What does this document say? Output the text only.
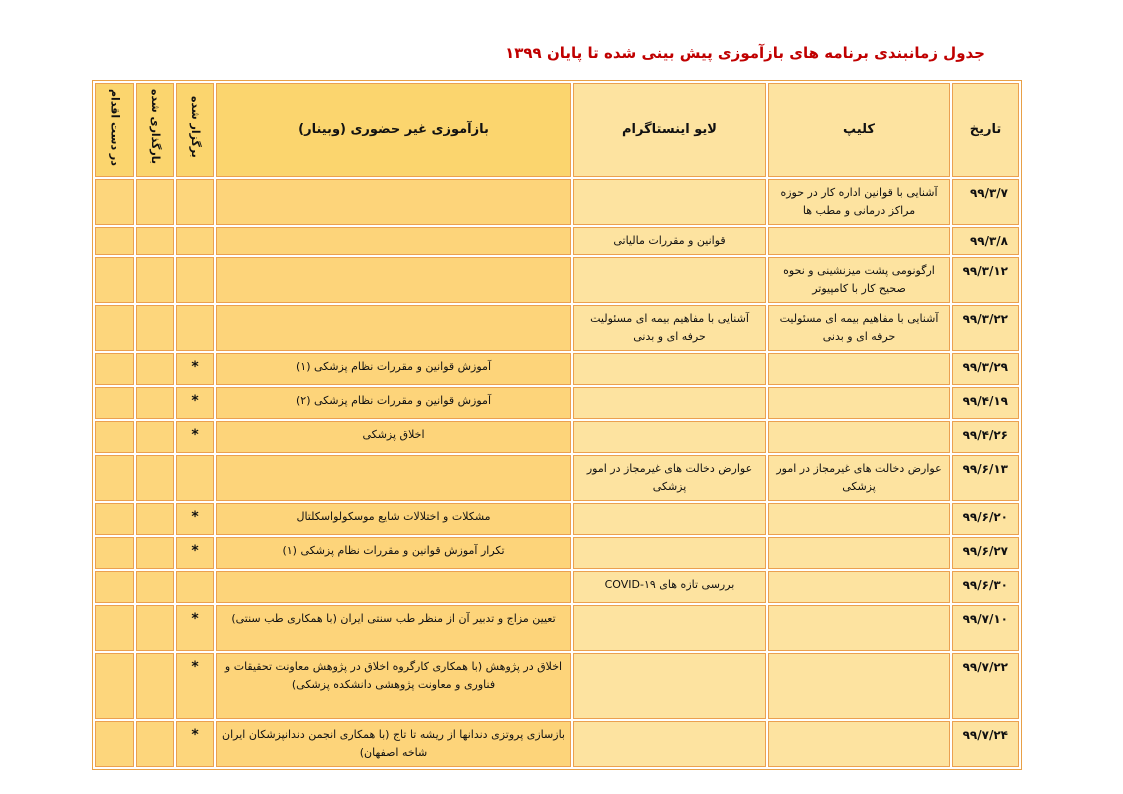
جدول زمانبندی برنامه های بازآموزی پیش بینی شده تا پایان ۱۳۹۹
تاریخ	کلیپ	لایو اینستاگرام	بازآموزی غیر حضوری (وبینار)	برگزار شده	بارگذاری شده	در دست اقدام
۹۹/۳/۷	آشنایی با قوانین اداره کار در حوزه مراکز درمانی و مطب ها					
۹۹/۳/۸		قوانین و مقررات مالیاتی				
۹۹/۳/۱۲	ارگونومی پشت میزنشینی و نحوه صحیح کار با کامپیوتر					
۹۹/۳/۲۲	آشنایی با مفاهیم بیمه ای مسئولیت حرفه ای و بدنی	آشنایی با مفاهیم بیمه ای مسئولیت حرفه ای و بدنی				
۹۹/۳/۲۹			آموزش قوانین و مقررات نظام پزشکی (۱)	*		
۹۹/۴/۱۹			آموزش قوانین و مقررات نظام پزشکی (۲)	*		
۹۹/۴/۲۶			اخلاق پزشکی	*		
۹۹/۶/۱۳	عوارض دخالت های غیرمجاز در امور پزشکی	عوارض دخالت های غیرمجاز در امور پزشکی				
۹۹/۶/۲۰			مشکلات و اختلالات شایع موسکولواسکلتال	*		
۹۹/۶/۲۷			تکرار آموزش قوانین و مقررات نظام پزشکی (۱)	*		
۹۹/۶/۳۰		بررسی تازه های COVID-۱۹				
۹۹/۷/۱۰			تعیین مزاج و تدبیر آن از منظر طب سنتی ایران (با همکاری طب سنتی)	*		
۹۹/۷/۲۲			اخلاق در پژوهش (با همکاری کارگروه اخلاق در پژوهش معاونت تحقیقات و فناوری و معاونت پژوهشی دانشکده پزشکی)	*		
۹۹/۷/۲۴			بازسازی پروتزی دندانها از ریشه تا تاج (با همکاری انجمن دندانپزشکان ایران شاخه اصفهان)	*		
